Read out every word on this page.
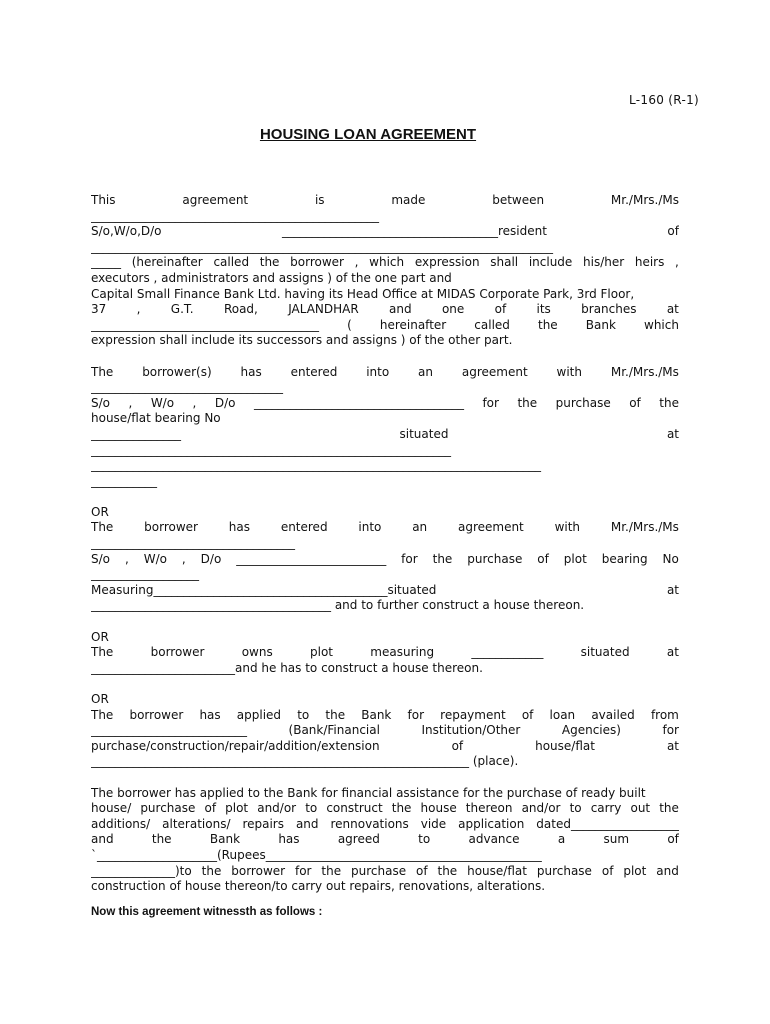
L-160 (R-1)
HOUSING LOAN AGREEMENT
This	agreement	is	made	between	Mr./Mrs./Ms
________________________________________________
S/o,W/o,D/o	____________________________________resident	of
_____________________________________________________________________________
_____ (hereinafter called the borrower , which expression shall include his/her heirs ,
executors , administrators and assigns ) of the one part and
Capital Small Finance Bank Ltd. having its Head Office at MIDAS Corporate Park, 3rd Floor,
37	,	G.T.	Road,	JALANDHAR	and	one	of	its	branches	at
______________________________________ ( hereinafter called the Bank which
expression shall include its successors and assigns ) of the other part.
The borrower(s) has entered into an agreement with Mr./Mrs./Ms
________________________________
S/o , W/o , D/o ___________________________________ for the purchase of the
house/flat bearing No
_______________	situated	at
____________________________________________________________
___________________________________________________________________________
___________
OR
The	borrower	has	entered	into	an	agreement	with	Mr./Mrs./Ms
__________________________________
S/o , W/o , D/o _________________________ for the purchase of plot bearing No
__________________
Measuring_______________________________________situated	at
________________________________________ and to further construct a house thereon.
OR
The	borrower	owns	plot	measuring	____________	situated	at
________________________and he has to construct a house thereon.
OR
The borrower has applied to the Bank for repayment of loan availed from
__________________________	(Bank/Financial	Institution/Other	Agencies)	for
purchase/construction/repair/addition/extension	of	house/flat	at
_______________________________________________________________ (place).
The borrower has applied to the Bank for financial assistance for the purchase of ready built
house/ purchase of plot and/or to construct the house thereon and/or to carry out the
additions/ alterations/ repairs and rennovations vide application dated__________________
and	the	Bank	has	agreed	to	advance	a	sum	of
`____________________(Rupees______________________________________________
______________)to the borrower for the purchase of the house/flat purchase of plot and
construction of house thereon/to carry out repairs, renovations, alterations.
Now this agreement witnessth as follows :
